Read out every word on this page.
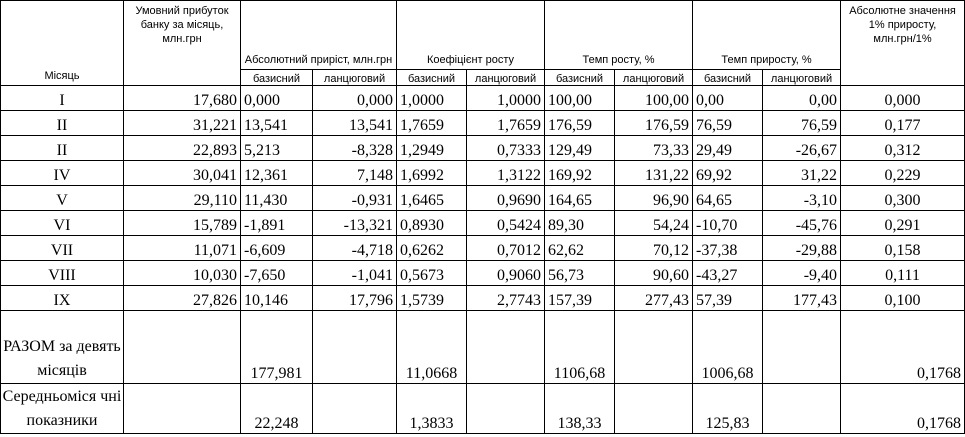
Місяць	Умовний прибуток банку за місяць, млн.грн	Абсолютний приріст, млн.грн		Коефіцієнт росту		Темп росту, %		Темп приросту, %		Абсолютне значення 1% приросту, млн.грн/1%
		базисний	ланцюговий	базисний	ланцюговий	базисний	ланцюговий	базисний	ланцюговий	
I	17,680	0,000	0,000	1,0000	1,0000	100,00	100,00	0,00	0,00	0,000
II	31,221	13,541	13,541	1,7659	1,7659	176,59	176,59	76,59	76,59	0,177
II	22,893	5,213	-8,328	1,2949	0,7333	129,49	73,33	29,49	-26,67	0,312
IV	30,041	12,361	7,148	1,6992	1,3122	169,92	131,22	69,92	31,22	0,229
V	29,110	11,430	-0,931	1,6465	0,9690	164,65	96,90	64,65	-3,10	0,300
VI	15,789	-1,891	-13,321	0,8930	0,5424	89,30	54,24	-10,70	-45,76	0,291
VII	11,071	-6,609	-4,718	0,6262	0,7012	62,62	70,12	-37,38	-29,88	0,158
VIII	10,030	-7,650	-1,041	0,5673	0,9060	56,73	90,60	-43,27	-9,40	0,111
IX	27,826	10,146	17,796	1,5739	2,7743	157,39	277,43	57,39	177,43	0,100
РАЗОМ за девять місяців		177,981		11,0668		1106,68		1006,68		0,1768
Середньоміся чні показники		22,248		1,3833		138,33		125,83		0,1768
